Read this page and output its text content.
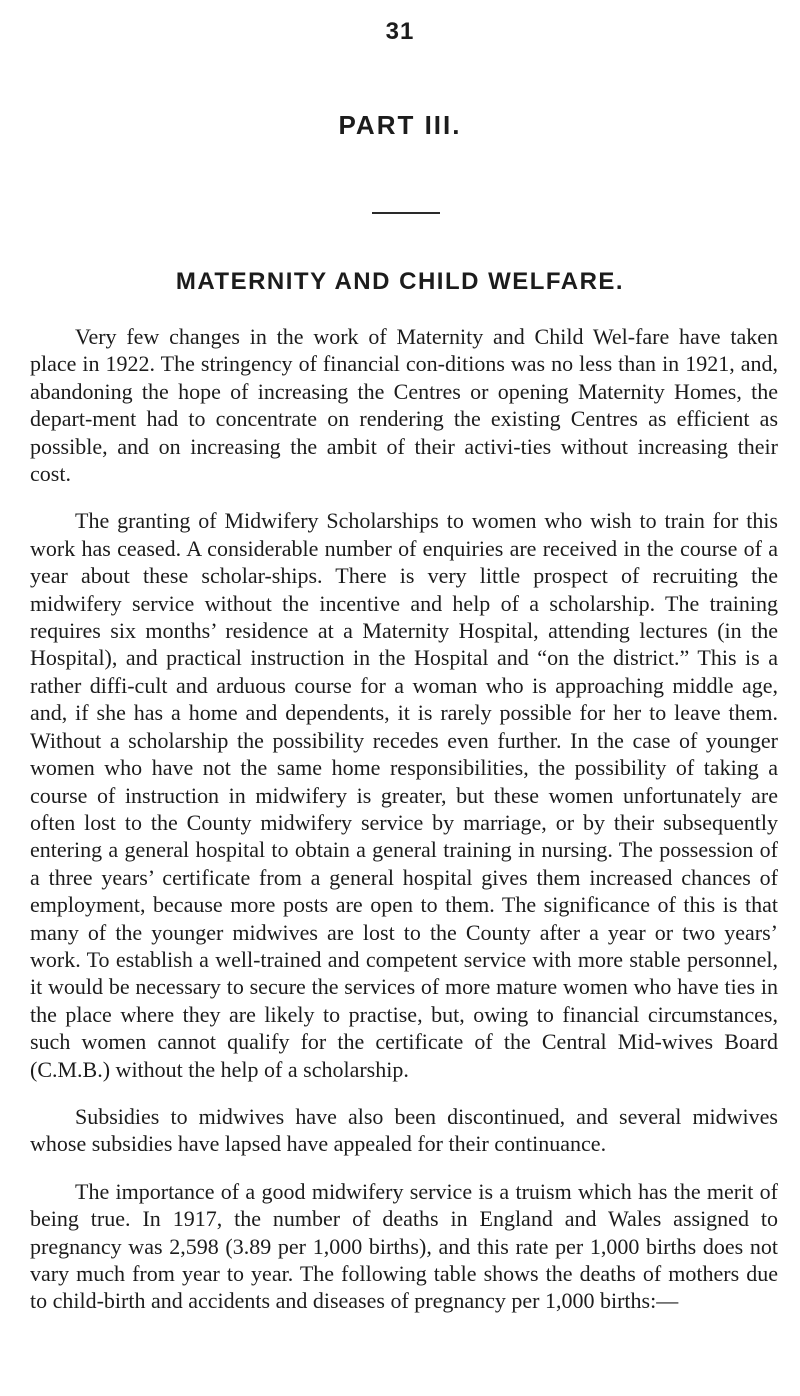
31
PART III.
MATERNITY AND CHILD WELFARE.

Very few changes in the work of Maternity and Child Wel-fare have taken place in 1922. The stringency of financial con-ditions was no less than in 1921, and, abandoning the hope of increasing the Centres or opening Maternity Homes, the depart-ment had to concentrate on rendering the existing Centres as efficient as possible, and on increasing the ambit of their activi-ties without increasing their cost.

The granting of Midwifery Scholarships to women who wish to train for this work has ceased. A considerable number of enquiries are received in the course of a year about these scholar-ships. There is very little prospect of recruiting the midwifery service without the incentive and help of a scholarship. The training requires six months’ residence at a Maternity Hospital, attending lectures (in the Hospital), and practical instruction in the Hospital and “on the district.” This is a rather diffi-cult and arduous course for a woman who is approaching middle age, and, if she has a home and dependents, it is rarely possible for her to leave them. Without a scholarship the possibility recedes even further. In the case of younger women who have not the same home responsibilities, the possibility of taking a course of instruction in midwifery is greater, but these women unfortunately are often lost to the County midwifery service by marriage, or by their subsequently entering a general hospital to obtain a general training in nursing. The possession of a three years’ certificate from a general hospital gives them increased chances of employment, because more posts are open to them. The significance of this is that many of the younger midwives are lost to the County after a year or two years’ work. To establish a well-trained and competent service with more stable personnel, it would be necessary to secure the services of more mature women who have ties in the place where they are likely to practise, but, owing to financial circumstances, such women cannot qualify for the certificate of the Central Mid-wives Board (C.M.B.) without the help of a scholarship.

Subsidies to midwives have also been discontinued, and several midwives whose subsidies have lapsed have appealed for their continuance.

The importance of a good midwifery service is a truism which has the merit of being true. In 1917, the number of deaths in England and Wales assigned to pregnancy was 2,598 (3.89 per 1,000 births), and this rate per 1,000 births does not vary much from year to year. The following table shows the deaths of mothers due to child-birth and accidents and diseases of pregnancy per 1,000 births:—
